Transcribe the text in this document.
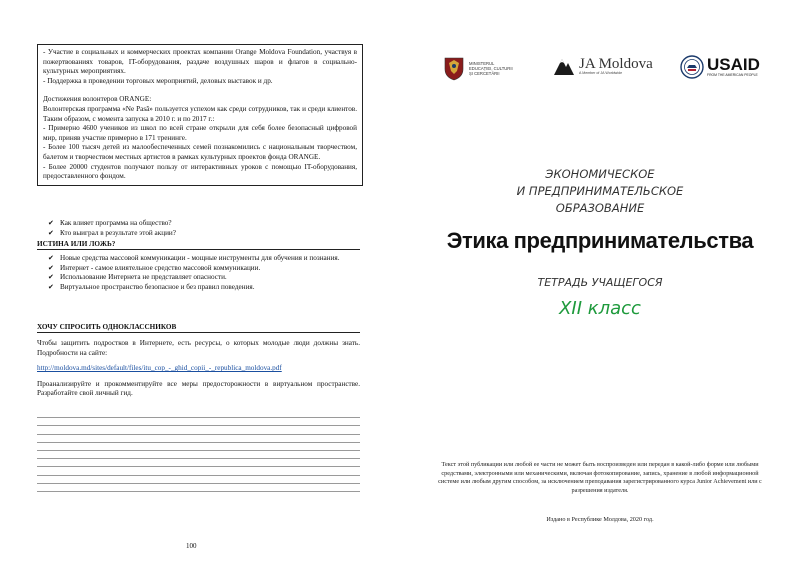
- Участие в социальных и коммерческих проектах компании Orange Moldova Foundation, участвуя в пожертвованиях товаров, IT-оборудования, раздаче воздушных шаров и флагов в социально-культурных мероприятиях.

- Поддержка в проведении торговых мероприятий, деловых выставок и др.

Достижения волонтеров ORANGE:

Волонтерская программа «Ne Pasă» пользуется успехом как среди сотрудников, так и среди клиентов. Таким образом, с момента запуска в 2010 г. и по 2017 г.:

- Примерно 4600 учеников из школ по всей стране открыли для себя более безопасный цифровой мир, приняв участие примерно в 171 тренинге.

- Более 100 тысяч детей из малообеспеченных семей познакомились с национальным творчеством, балетом и творчеством местных артистов в рамках культурных проектов фонда ORANGE.

- Более 20000 студентов получают пользу от интерактивных уроков с помощью IT-оборудования, предоставленного фондом.

✔ Как влияет программа на общество?
✔ Кто выиграл в результате этой акции?
ИСТИНА ИЛИ ЛОЖЬ?
✔ Новые средства массовой коммуникации - мощные инструменты для обучения и познания.
✔ Интернет - самое влиятельное средство массовой коммуникации.
✔ Использование Интернета не представляет опасности.
✔ Виртуальное пространство безопасное и без правил поведения.
ХОЧУ СПРОСИТЬ ОДНОКЛАССНИКОВ

Чтобы защитить подростков в Интернете, есть ресурсы, о которых молодые люди должны знать. Подробности на сайте:

http://moldova.md/sites/default/files/itu_cop_-_ghid_copii_-_republica_moldova.pdf

Проанализируйте и прокомментируйте все меры предосторожности в виртуальном пространстве. Разработайте свой личный гид.

100
MINISTERUL
EDUCAȚIEI, CULTURII
ȘI CERCETĂRII
JA Moldova
A Member of JA Worldwide	USAID
FROM THE AMERICAN PEOPLE
ЭКОНОМИЧЕСКОЕ
И ПРЕДПРИНИМАТЕЛЬСКОЕ
ОБРАЗОВАНИЕ
Этика предпринимательства
ТЕТРАДЬ УЧАЩЕГОСЯ
XII класс
Текст этой публикации или любой ее части не может быть воспроизведен или передан в какой-либо форме или любыми средствами, электронными или механическими, включая фотокопирование, запись, хранение в любой информационной системе или любым другим способом, за исключением преподавания зарегистрированного курса Junior Achievement или с разрешения издателя.
Издано в Республике Молдова, 2020 год.
